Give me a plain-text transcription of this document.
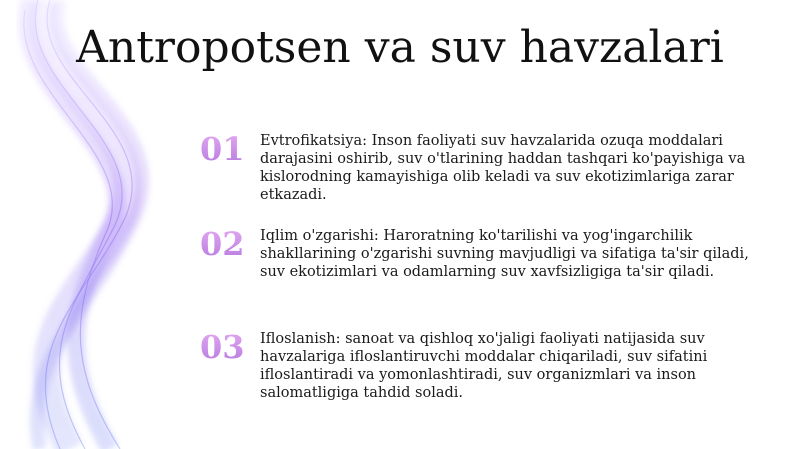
Antropotsen va suv havzalari
01 Evtrofikatsiya: Inson faoliyati suv havzalarida ozuqa moddalari darajasini oshirib, suv o'tlarining haddan tashqari ko'payishiga va kislorodning kamayishiga olib keladi va suv ekotizimlariga zarar etkazadi.
02 Iqlim o'zgarishi: Haroratning ko'tarilishi va yog'ingarchilik shakllarining o'zgarishi suvning mavjudligi va sifatiga ta'sir qiladi, suv ekotizimlari va odamlarning suv xavfsizligiga ta'sir qiladi.
03 Ifloslanish: sanoat va qishloq xo'jaligi faoliyati natijasida suv havzalariga ifloslantiruvchi moddalar chiqariladi, suv sifatini ifloslantiradi va yomonlashtiradi, suv organizmlari va inson salomatligiga tahdid soladi.
